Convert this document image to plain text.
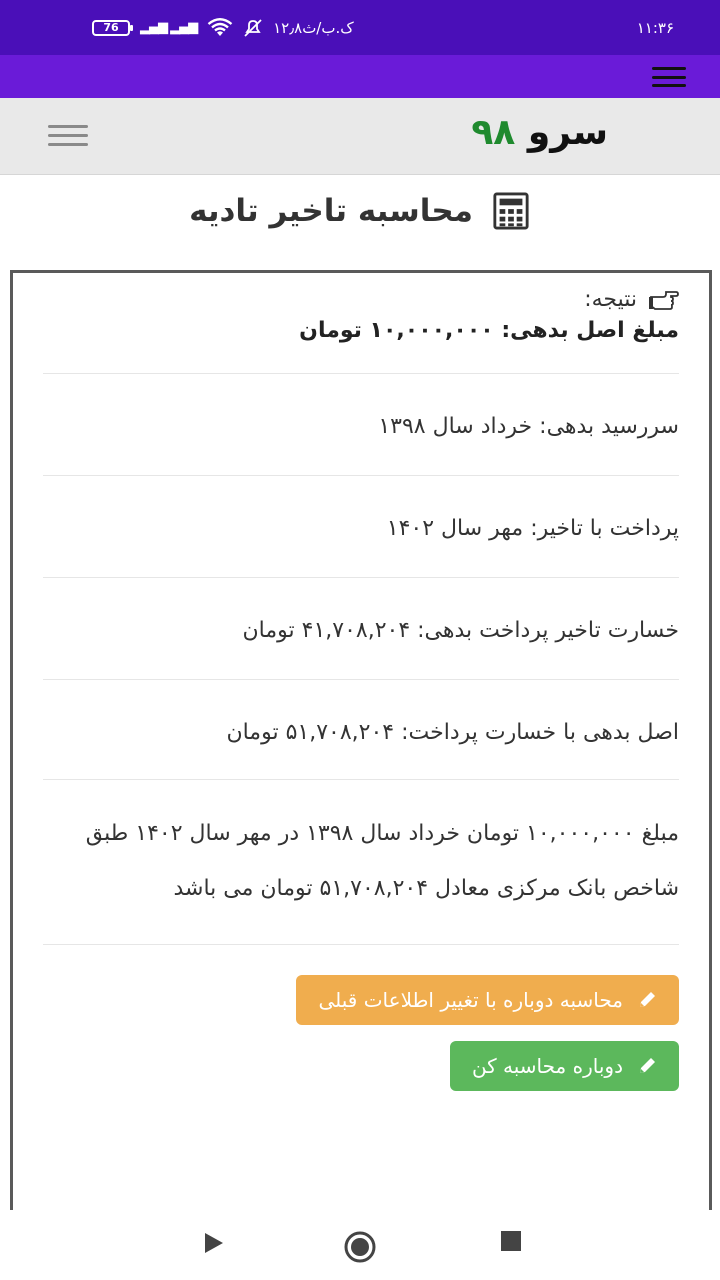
76	▂▄▆ ▂▄▆	۱۲٫۸ک.ب/ث	۱۱:۳۶
سرو ۹۸
محاسبه تاخیر تادیه
نتیجه:
مبلغ اصل بدهی: ۱۰,۰۰۰,۰۰۰ تومان
سررسید بدهی: خرداد سال ۱۳۹۸
پرداخت با تاخیر: مهر سال ۱۴۰۲
خسارت تاخیر پرداخت بدهی: ۴۱,۷۰۸,۲۰۴ تومان
اصل بدهی با خسارت پرداخت: ۵۱,۷۰۸,۲۰۴ تومان
مبلغ ۱۰,۰۰۰,۰۰۰ تومان خرداد سال ۱۳۹۸ در مهر سال ۱۴۰۲ طبق شاخص بانک مرکزی معادل ۵۱,۷۰۸,۲۰۴ تومان می باشد
محاسبه دوباره با تغییر اطلاعات قبلی
دوباره محاسبه کن
